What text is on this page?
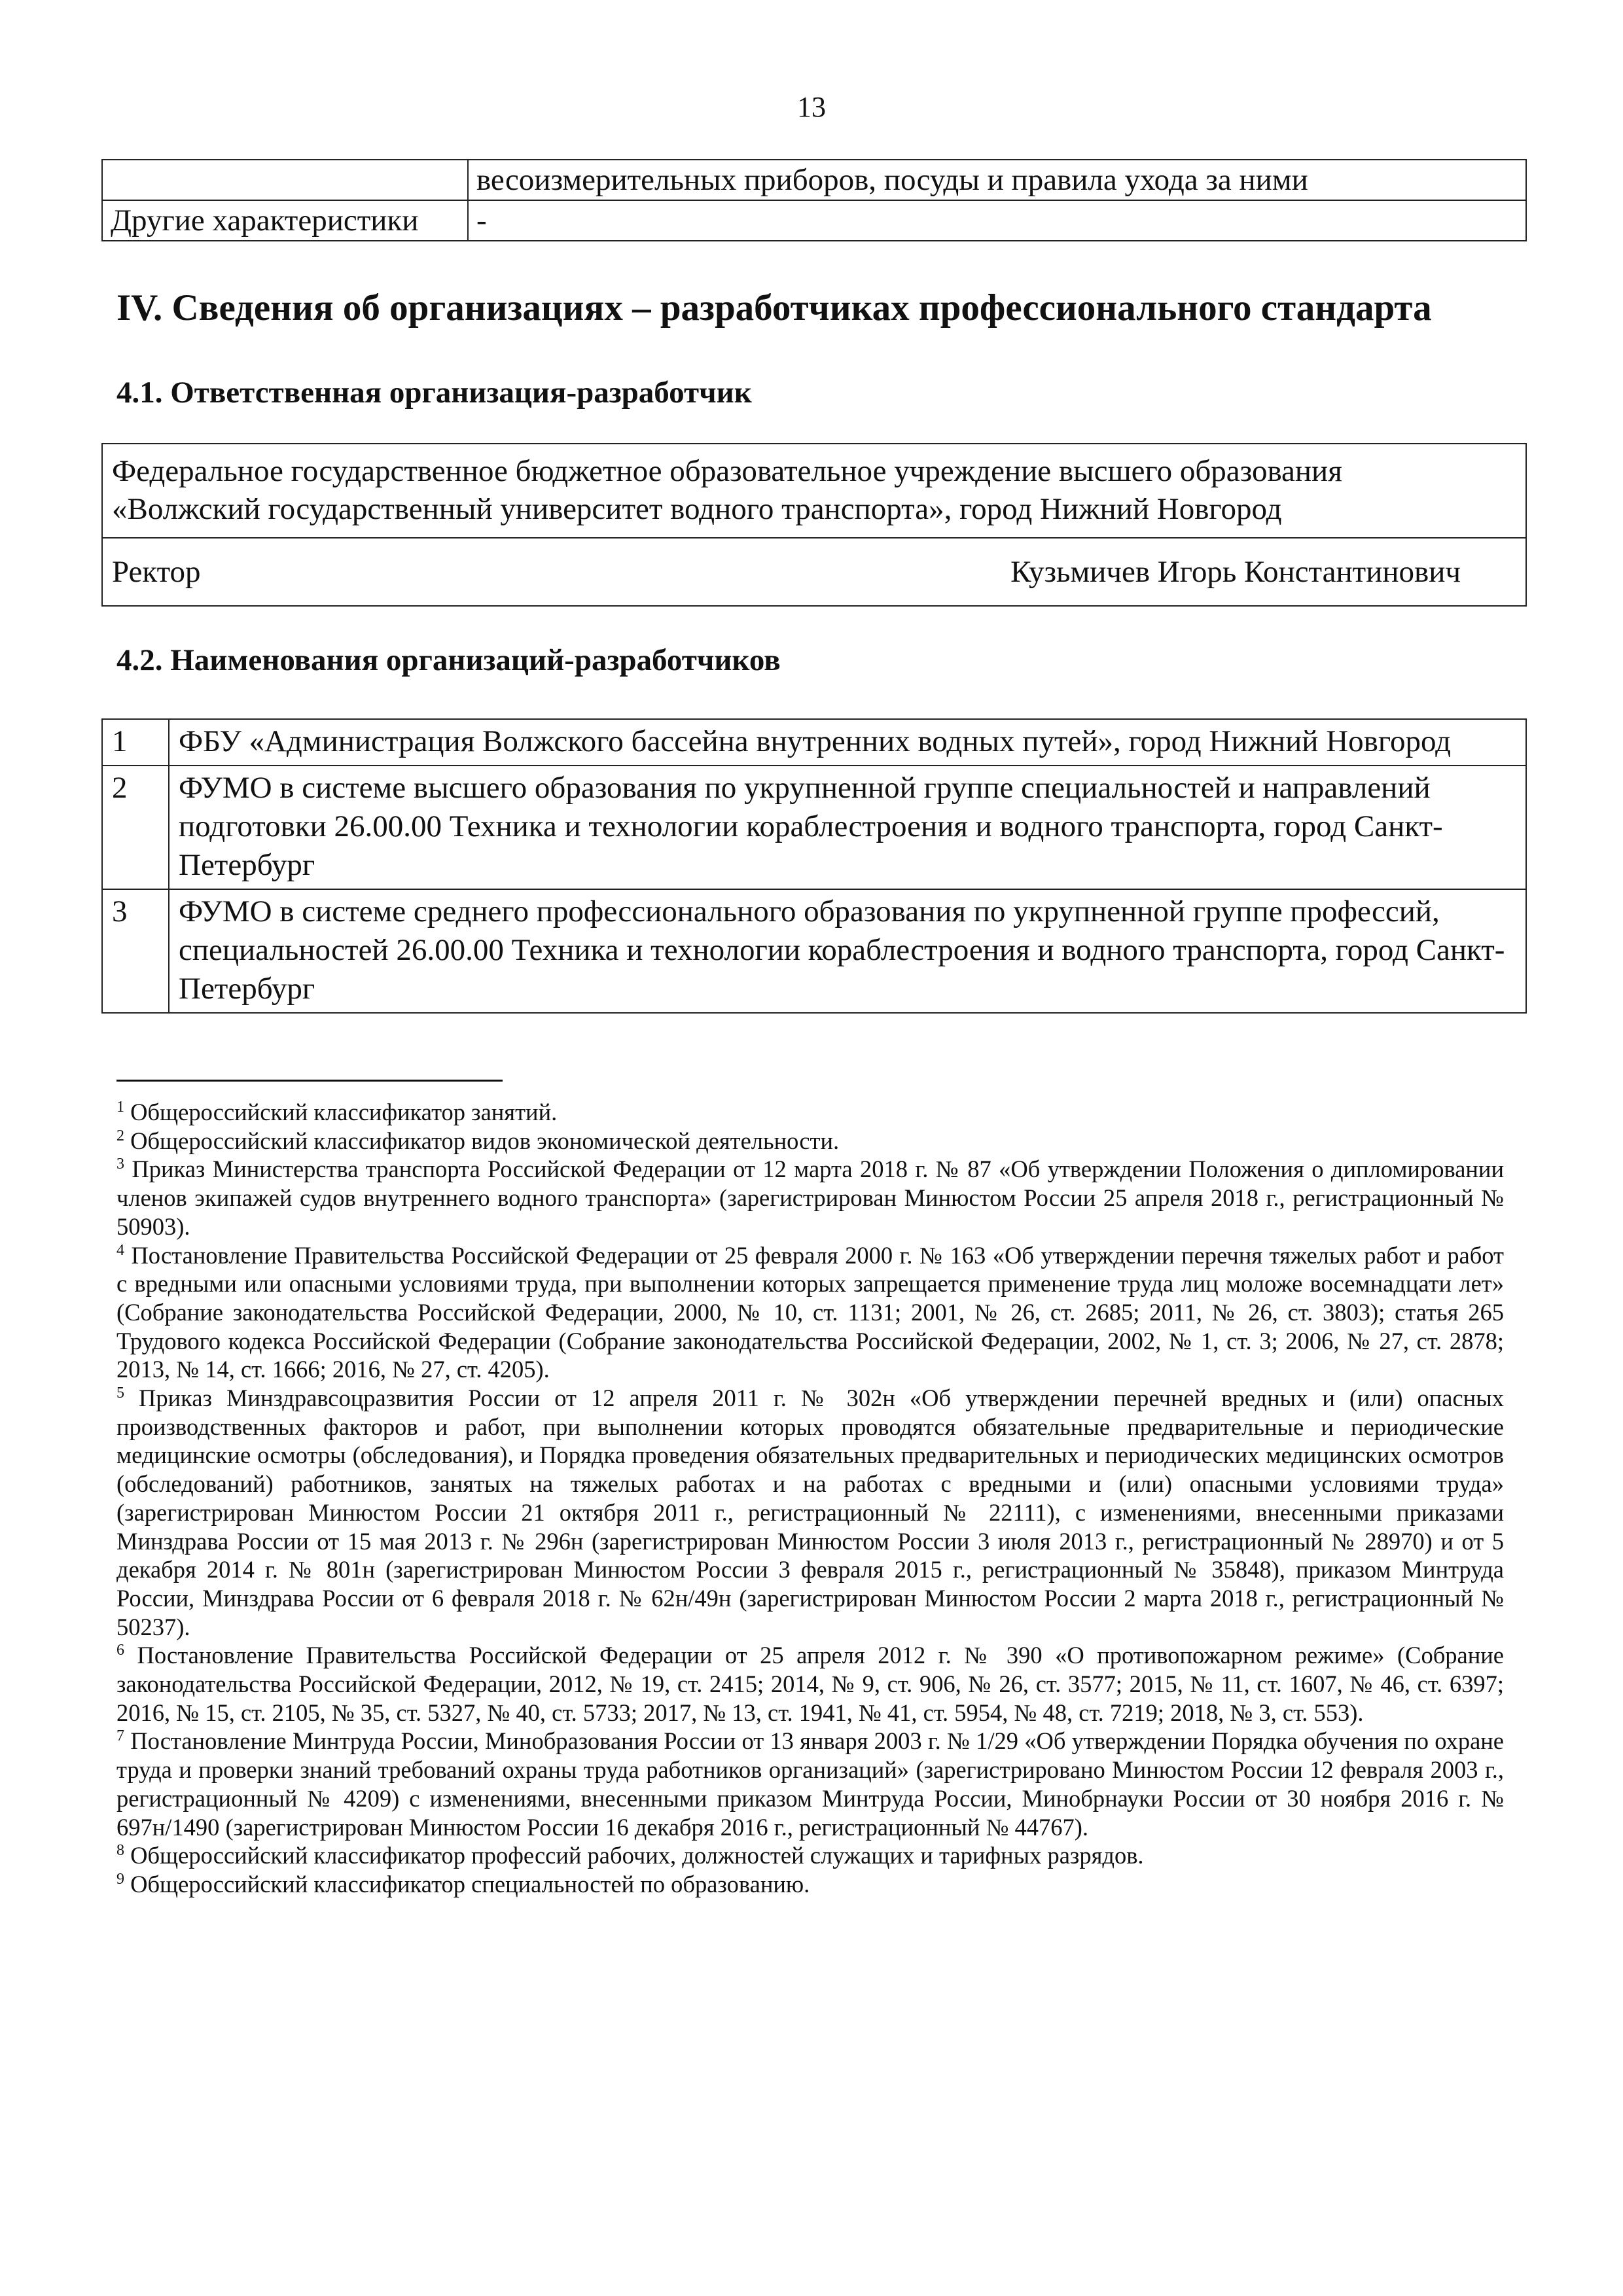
13
	весоизмерительных приборов, посуды и правила ухода за ними
Другие характеристики	-
IV. Сведения об организациях – разработчиках профессионального стандарта
4.1. Ответственная организация-разработчик
Федеральное государственное бюджетное образовательное учреждение высшего образования
«Волжский государственный университет водного транспорта», город Нижний Новгород

Ректор	Кузьмичев Игорь Константинович
4.2. Наименования организаций-разработчиков
1	ФБУ «Администрация Волжского бассейна внутренних водных путей», город Нижний Новгород
2	ФУМО в системе высшего образования по укрупненной группе специальностей и направлений подготовки 26.00.00 Техника и технологии кораблестроения и водного транспорта, город Санкт-Петербург
3	ФУМО в системе среднего профессионального образования по укрупненной группе профессий, специальностей 26.00.00 Техника и технологии кораблестроения и водного транспорта, город Санкт-Петербург

$^1$ Общероссийский классификатор занятий.

$^2$ Общероссийский классификатор видов экономической деятельности.

$^3$ Приказ Министерства транспорта Российской Федерации от 12 марта 2018 г. № 87 «Об утверждении Положения о дипломировании членов экипажей судов внутреннего водного транспорта» (зарегистрирован Минюстом России 25 апреля 2018 г., регистрационный № 50903).

$^4$ Постановление Правительства Российской Федерации от 25 февраля 2000 г. № 163 «Об утверждении перечня тяжелых работ и работ с вредными или опасными условиями труда, при выполнении которых запрещается применение труда лиц моложе восемнадцати лет» (Собрание законодательства Российской Федерации, 2000, № 10, ст. 1131; 2001, № 26, ст. 2685; 2011, № 26, ст. 3803); статья 265 Трудового кодекса Российской Федерации (Собрание законодательства Российской Федерации, 2002, № 1, ст. 3; 2006, № 27, ст. 2878; 2013, № 14, ст. 1666; 2016, № 27, ст. 4205).

$^5$ Приказ Минздравсоцразвития России от 12 апреля 2011 г. № 302н «Об утверждении перечней вредных и (или) опасных производственных факторов и работ, при выполнении которых проводятся обязательные предварительные и периодические медицинские осмотры (обследования), и Порядка проведения обязательных предварительных и периодических медицинских осмотров (обследований) работников, занятых на тяжелых работах и на работах с вредными и (или) опасными условиями труда» (зарегистрирован Минюстом России 21 октября 2011 г., регистрационный № 22111), с изменениями, внесенными приказами Минздрава России от 15 мая 2013 г. № 296н (зарегистрирован Минюстом России 3 июля 2013 г., регистрационный № 28970) и от 5 декабря 2014 г. № 801н (зарегистрирован Минюстом России 3 февраля 2015 г., регистрационный № 35848), приказом Минтруда России, Минздрава России от 6 февраля 2018 г. № 62н/49н (зарегистрирован Минюстом России 2 марта 2018 г., регистрационный № 50237).

$^6$ Постановление Правительства Российской Федерации от 25 апреля 2012 г. № 390 «О противопожарном режиме» (Собрание законодательства Российской Федерации, 2012, № 19, ст. 2415; 2014, № 9, ст. 906, № 26, ст. 3577; 2015, № 11, ст. 1607, № 46, ст. 6397; 2016, № 15, ст. 2105, № 35, ст. 5327, № 40, ст. 5733; 2017, № 13, ст. 1941, № 41, ст. 5954, № 48, ст. 7219; 2018, № 3, ст. 553).

$^7$ Постановление Минтруда России, Минобразования России от 13 января 2003 г. № 1/29 «Об утверждении Порядка обучения по охране труда и проверки знаний требований охраны труда работников организаций» (зарегистрировано Минюстом России 12 февраля 2003 г., регистрационный № 4209) с изменениями, внесенными приказом Минтруда России, Минобрнауки России от 30 ноября 2016 г. № 697н/1490 (зарегистрирован Минюстом России 16 декабря 2016 г., регистрационный № 44767).

$^8$ Общероссийский классификатор профессий рабочих, должностей служащих и тарифных разрядов.

$^9$ Общероссийский классификатор специальностей по образованию.
